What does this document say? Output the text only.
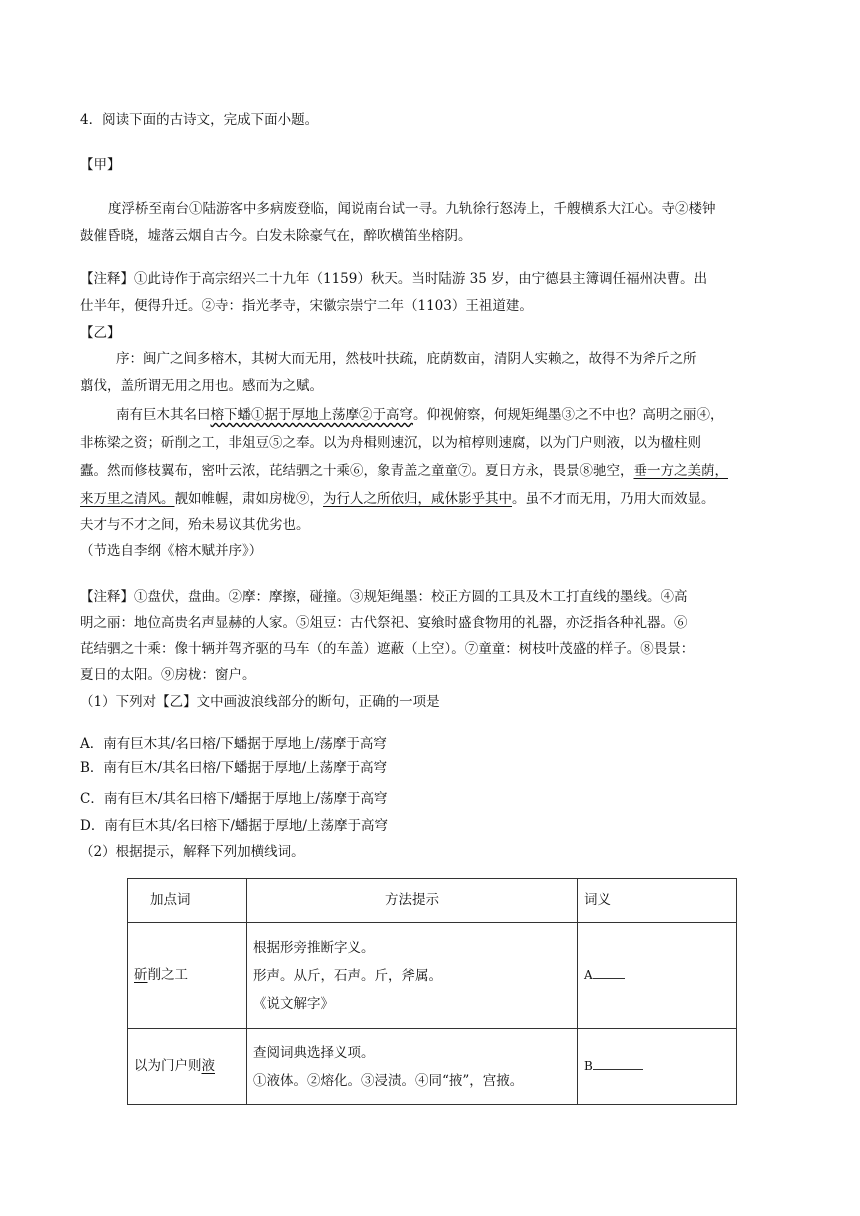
4．阅读下面的古诗文，完成下面小题。
【甲】
度浮桥至南台①陆游客中多病废登临，闻说南台试一寻。九轨徐行怒涛上，千艘横系大江心。寺②楼钟
鼓催昏晓，墟落云烟自古今。白发未除豪气在，醉吹横笛坐榕阴。
【注释】①此诗作于高宗绍兴二十九年（1159）秋天。当时陆游 35 岁，由宁德县主簿调任福州决曹。出
仕半年，便得升迁。②寺：指光孝寺，宋徽宗崇宁二年（1103）王祖道建。
【乙】
序：闽广之间多榕木，其树大而无用，然枝叶扶疏，庇荫数亩，清阴人实赖之，故得不为斧斤之所
翦伐，盖所谓无用之用也。感而为之赋。
南有巨木其名曰榕下蟠①据于厚地上荡摩②于高穹。仰视俯察，何规矩绳墨③之不中也？高明之丽④，
非栋梁之资；斫削之工，非俎豆⑤之奉。以为舟楫则速沉，以为棺椁则速腐，以为门户则液，以为楹柱则
蠹。然而修枝翼布，密叶云浓，芘结驷之十乘⑥，象青盖之童童⑦。夏日方永，畏景⑧驰空，垂一方之美荫，
来万里之清风。靓如帷幄，肃如房栊⑨，为行人之所依归，咸休影乎其中。虽不才而无用，乃用大而效显。
夫才与不才之间，殆未易议其优劣也。
（节选自李纲《榕木赋并序》）
【注释】①盘伏，盘曲。②摩：摩擦，碰撞。③规矩绳墨：校正方圆的工具及木工打直线的墨线。④高
明之丽：地位高贵名声显赫的人家。⑤俎豆：古代祭祀、宴飨时盛食物用的礼器，亦泛指各种礼器。⑥
芘结驷之十乘：像十辆并驾齐驱的马车（的车盖）遮蔽（上空）。⑦童童：树枝叶茂盛的样子。⑧畏景：
夏日的太阳。⑨房栊：窗户。
（1）下列对【乙】文中画波浪线部分的断句，正确的一项是
A．南有巨木其/名曰榕/下蟠据于厚地上/荡摩于高穹
B．南有巨木/其名曰榕/下蟠据于厚地/上荡摩于高穹
C．南有巨木/其名曰榕下/蟠据于厚地上/荡摩于高穹
D．南有巨木其/名曰榕下/蟠据于厚地/上荡摩于高穹
（2）根据提示，解释下列加横线词。
加点词	方法提示	词义
斫削之工	根据形旁推断字义。
形声。从斤，石声。斤，斧属。
《说文解字》	A
以为门户则液	查阅词典选择义项。
①液体。②熔化。③浸渍。④同“掖”，宫掖。	B
